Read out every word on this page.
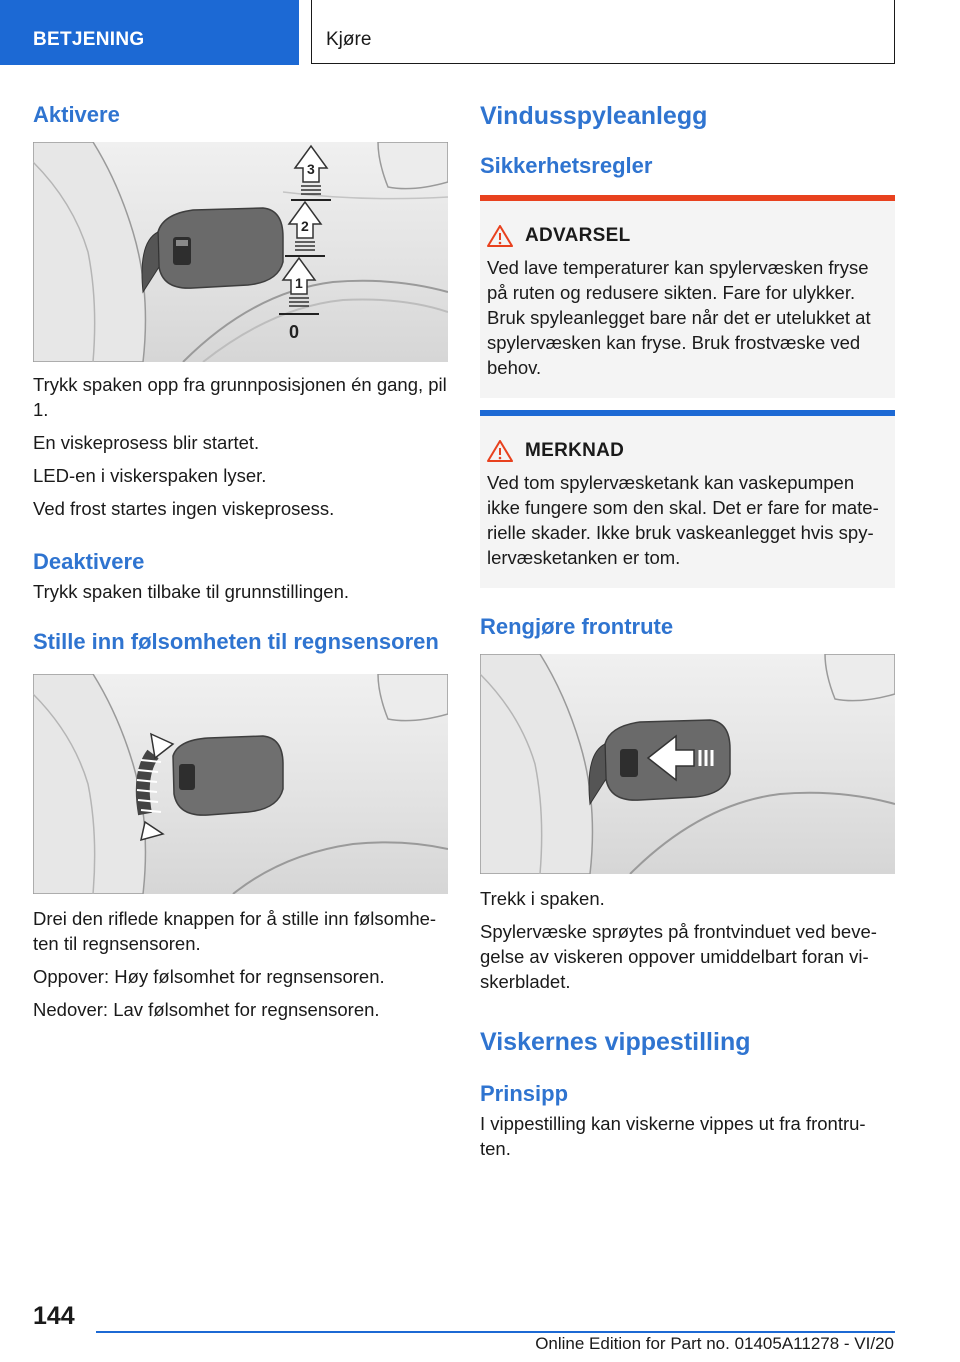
BETJENING	Kjøre
Aktivere
3
2
1
0

Trykk spaken opp fra grunnposisjonen én gang, pil 1.

En viskeprosess blir startet.

LED-en i viskerspaken lyser.

Ved frost startes ingen viskeprosess.

Deaktivere

Trykk spaken tilbake til grunnstillingen.

Stille inn følsomheten til regnsensoren

Drei den riflede knappen for å stille inn følsomhe-ten til regnsensoren.

Oppover: Høy følsomhet for regnsensoren.

Nedover: Lav følsomhet for regnsensoren.

Vindusspyleanlegg
Sikkerhetsregler
ADVARSEL

Ved lave temperaturer kan spylervæsken fryse på ruten og redusere sikten. Fare for ulykker. Bruk spyleanlegget bare når det er utelukket at spylervæsken kan fryse. Bruk frostvæske ved behov.

MERKNAD

Ved tom spylervæsketank kan vaskepumpen ikke fungere som den skal. Det er fare for mate-rielle skader. Ikke bruk vaskeanlegget hvis spy-lervæsketanken er tom.

Rengjøre frontrute

Trekk i spaken.

Spylervæske sprøytes på frontvinduet ved beve-gelse av viskeren oppover umiddelbart foran vi-skerbladet.

Viskernes vippestilling
Prinsipp

I vippestilling kan viskerne vippes ut fra frontru-ten.

144
Online Edition for Part no. 01405A11278 - VI/20
